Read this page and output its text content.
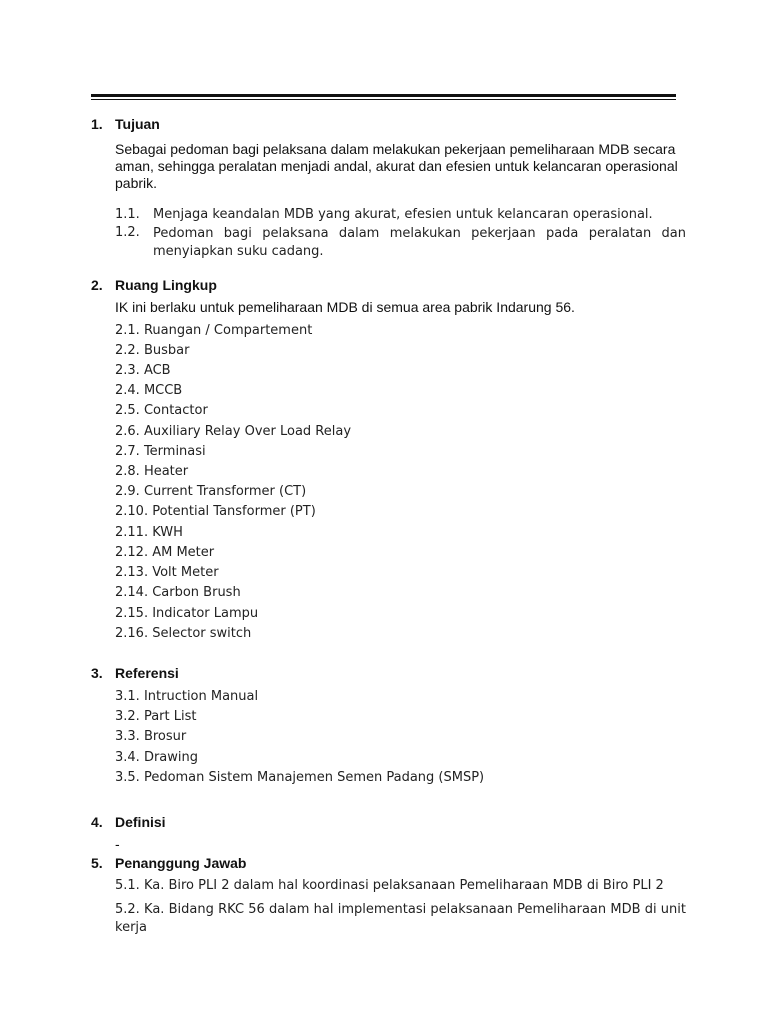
1. Tujuan
Sebagai pedoman bagi pelaksana dalam melakukan pekerjaan pemeliharaan MDB secara aman, sehingga peralatan menjadi andal, akurat dan efesien untuk kelancaran operasional pabrik.
1.1. Menjaga keandalan MDB yang akurat, efesien untuk kelancaran operasional.
1.2. Pedoman bagi pelaksana dalam melakukan pekerjaan pada peralatan dan menyiapkan suku cadang.
2. Ruang Lingkup
IK ini berlaku untuk pemeliharaan MDB di semua area pabrik Indarung 56.
2.1. Ruangan / Compartement
2.2. Busbar
2.3. ACB
2.4. MCCB
2.5. Contactor
2.6. Auxiliary Relay Over Load Relay
2.7. Terminasi
2.8. Heater
2.9. Current Transformer (CT)
2.10. Potential Tansformer (PT)
2.11. KWH
2.12. AM Meter
2.13. Volt Meter
2.14. Carbon Brush
2.15. Indicator Lampu
2.16. Selector switch
3. Referensi
3.1. Intruction Manual
3.2. Part List
3.3. Brosur
3.4. Drawing
3.5. Pedoman Sistem Manajemen Semen Padang (SMSP)
4. Definisi
-
5. Penanggung Jawab
5.1. Ka. Biro PLI 2 dalam hal koordinasi pelaksanaan Pemeliharaan MDB di Biro PLI 2
5.2. Ka. Bidang RKC 56 dalam hal implementasi pelaksanaan Pemeliharaan MDB di unit kerja
